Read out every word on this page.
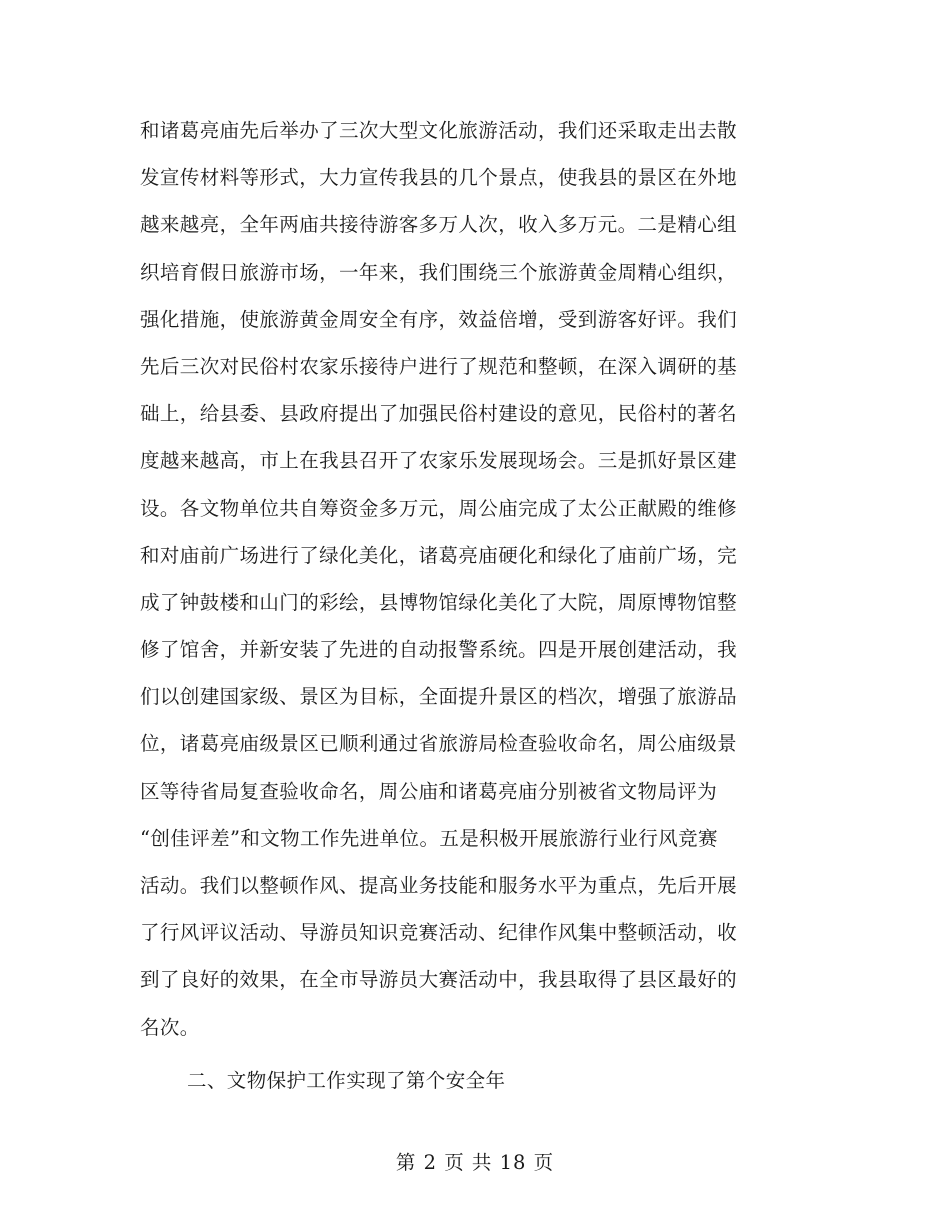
和诸葛亮庙先后举办了三次大型文化旅游活动，我们还采取走出去散
发宣传材料等形式，大力宣传我县的几个景点，使我县的景区在外地
越来越亮，全年两庙共接待游客多万人次，收入多万元。二是精心组
织培育假日旅游市场，一年来，我们围绕三个旅游黄金周精心组织，
强化措施，使旅游黄金周安全有序，效益倍增，受到游客好评。我们
先后三次对民俗村农家乐接待户进行了规范和整顿，在深入调研的基
础上，给县委、县政府提出了加强民俗村建设的意见，民俗村的著名
度越来越高，市上在我县召开了农家乐发展现场会。三是抓好景区建
设。各文物单位共自筹资金多万元，周公庙完成了太公正献殿的维修
和对庙前广场进行了绿化美化，诸葛亮庙硬化和绿化了庙前广场，完
成了钟鼓楼和山门的彩绘，县博物馆绿化美化了大院，周原博物馆整
修了馆舍，并新安装了先进的自动报警系统。四是开展创建活动，我
们以创建国家级、景区为目标，全面提升景区的档次，增强了旅游品
位，诸葛亮庙级景区已顺利通过省旅游局检查验收命名，周公庙级景
区等待省局复查验收命名，周公庙和诸葛亮庙分别被省文物局评为
“创佳评差”和文物工作先进单位。五是积极开展旅游行业行风竞赛
活动。我们以整顿作风、提高业务技能和服务水平为重点，先后开展
了行风评议活动、导游员知识竞赛活动、纪律作风集中整顿活动，收
到了良好的效果，在全市导游员大赛活动中，我县取得了县区最好的
名次。
二、文物保护工作实现了第个安全年
第 2 页 共 18 页
